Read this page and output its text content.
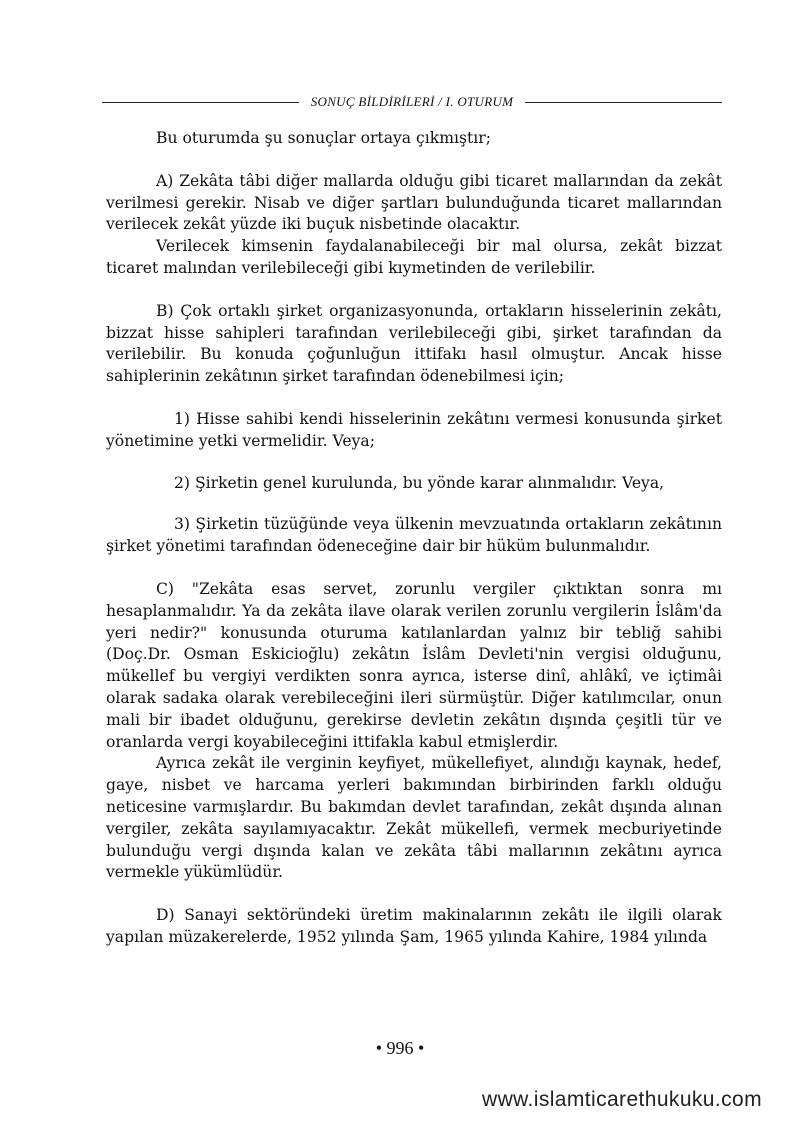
SONUÇ BİLDİRİLERİ / I. OTURUM

Bu oturumda şu sonuçlar ortaya çıkmıştır;

A) Zekâta tâbi diğer mallarda olduğu gibi ticaret mallarından da zekât verilmesi gerekir. Nisab ve diğer şartları bulunduğunda ticaret mallarından verilecek zekât yüzde iki buçuk nisbetinde olacaktır.

Verilecek kimsenin faydalanabileceği bir mal olursa, zekât bizzat ticaret malından verilebileceği gibi kıymetinden de verilebilir.

B) Çok ortaklı şirket organizasyonunda, ortakların hisselerinin zekâtı, bizzat hisse sahipleri tarafından verilebileceği gibi, şirket tarafından da verilebilir. Bu konuda çoğunluğun ittifakı hasıl olmuştur. Ancak hisse sahiplerinin zekâtının şirket tarafından ödenebilmesi için;

1) Hisse sahibi kendi hisselerinin zekâtını vermesi konusunda şirket yönetimine yetki vermelidir. Veya;

2) Şirketin genel kurulunda, bu yönde karar alınmalıdır. Veya,

3) Şirketin tüzüğünde veya ülkenin mevzuatında ortakların zekâtının şirket yönetimi tarafından ödeneceğine dair bir hüküm bulunmalıdır.

C) "Zekâta esas servet, zorunlu vergiler çıktıktan sonra mı hesaplanmalıdır. Ya da zekâta ilave olarak verilen zorunlu vergilerin İslâm'da yeri nedir?" konusunda oturuma katılanlardan yalnız bir tebliğ sahibi (Doç.Dr. Osman Eskicioğlu) zekâtın İslâm Devleti'nin vergisi olduğunu, mükellef bu vergiyi verdikten sonra ayrıca, isterse dinî, ahlâkî, ve içtimâi olarak sadaka olarak verebileceğini ileri sürmüştür. Diğer katılımcılar, onun mali bir ibadet olduğunu, gerekirse devletin zekâtın dışında çeşitli tür ve oranlarda vergi koyabileceğini ittifakla kabul etmişlerdir.

Ayrıca zekât ile verginin keyfiyet, mükellefiyet, alındığı kaynak, hedef, gaye, nisbet ve harcama yerleri bakımından birbirinden farklı olduğu neticesine varmışlardır. Bu bakımdan devlet tarafından, zekât dışında alınan vergiler, zekâta sayılamıyacaktır. Zekât mükellefi, vermek mecburiyetinde bulunduğu vergi dışında kalan ve zekâta tâbi mallarının zekâtını ayrıca vermekle yükümlüdür.

D) Sanayi sektöründeki üretim makinalarının zekâtı ile ilgili olarak yapılan müzakerelerde, 1952 yılında Şam, 1965 yılında Kahire, 1984 yılında

• 996 •
www.islamticarethukuku.com
